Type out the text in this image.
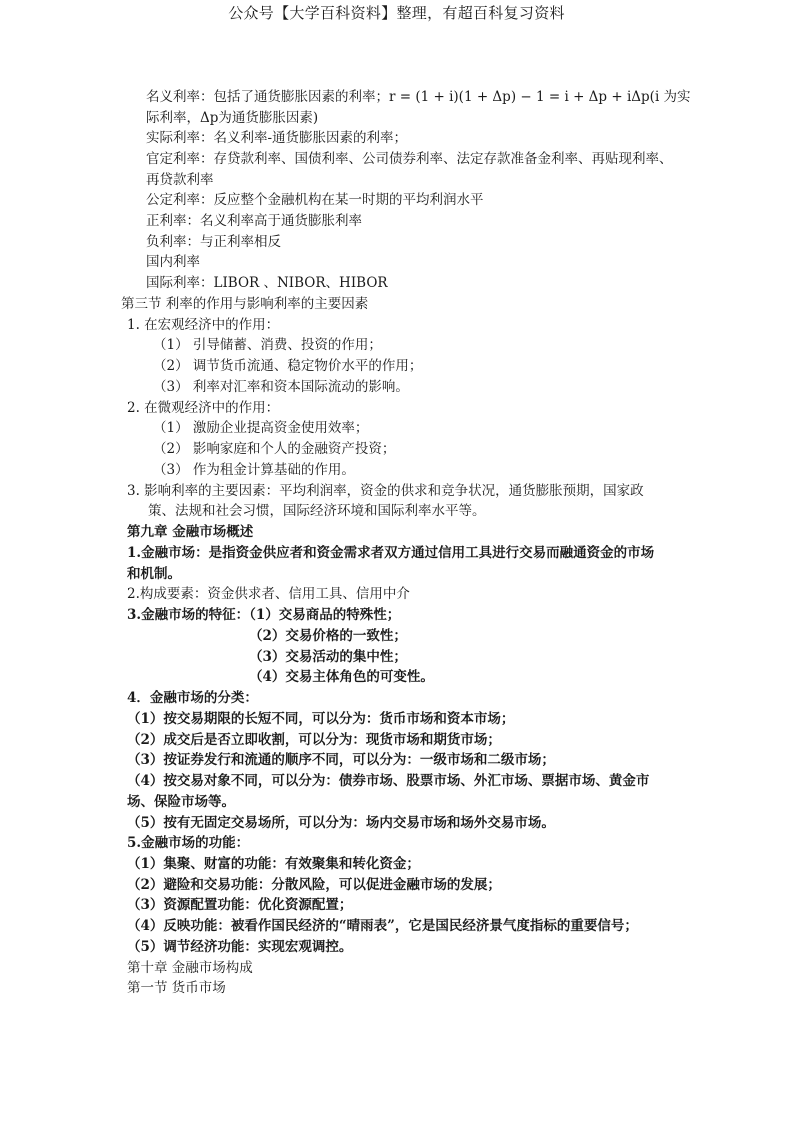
公众号【大学百科资料】整理，有超百科复习资料
名义利率：包括了通货膨胀因素的利率；r = (1 + i)(1 + Δp) − 1 = i + Δp + iΔp(i 为实
际利率，Δp为通货膨胀因素)
实际利率：名义利率-通货膨胀因素的利率；
官定利率：存贷款利率、国债利率、公司债券利率、法定存款准备金利率、再贴现利率、
再贷款利率
公定利率：反应整个金融机构在某一时期的平均利润水平
正利率：名义利率高于通货膨胀利率
负利率：与正利率相反
国内利率
国际利率：LIBOR 、NIBOR、HIBOR
第三节 利率的作用与影响利率的主要因素
1. 在宏观经济中的作用：
（1） 引导储蓄、消费、投资的作用；
（2） 调节货币流通、稳定物价水平的作用；
（3） 利率对汇率和资本国际流动的影响。
2. 在微观经济中的作用：
（1） 激励企业提高资金使用效率；
（2） 影响家庭和个人的金融资产投资；
（3） 作为租金计算基础的作用。
3. 影响利率的主要因素：平均利润率，资金的供求和竞争状况，通货膨胀预期，国家政
策、法规和社会习惯，国际经济环境和国际利率水平等。
第九章 金融市场概述
1.金融市场：是指资金供应者和资金需求者双方通过信用工具进行交易而融通资金的市场
和机制。
2.构成要素：资金供求者、信用工具、信用中介
3.金融市场的特征：（1）交易商品的特殊性；
（2）交易价格的一致性；
（3）交易活动的集中性；
（4）交易主体角色的可变性。
4．金融市场的分类：
（1）按交易期限的长短不同，可以分为：货币市场和资本市场；
（2）成交后是否立即收割，可以分为：现货市场和期货市场；
（3）按证券发行和流通的顺序不同，可以分为：一级市场和二级市场；
（4）按交易对象不同，可以分为：债券市场、股票市场、外汇市场、票据市场、黄金市
场、保险市场等。
（5）按有无固定交易场所，可以分为：场内交易市场和场外交易市场。
5.金融市场的功能：
（1）集聚、财富的功能：有效聚集和转化资金；
（2）避险和交易功能：分散风险，可以促进金融市场的发展；
（3）资源配置功能：优化资源配置；
（4）反映功能：被看作国民经济的“晴雨表”，它是国民经济景气度指标的重要信号；
（5）调节经济功能：实现宏观调控。
第十章 金融市场构成
第一节 货币市场
